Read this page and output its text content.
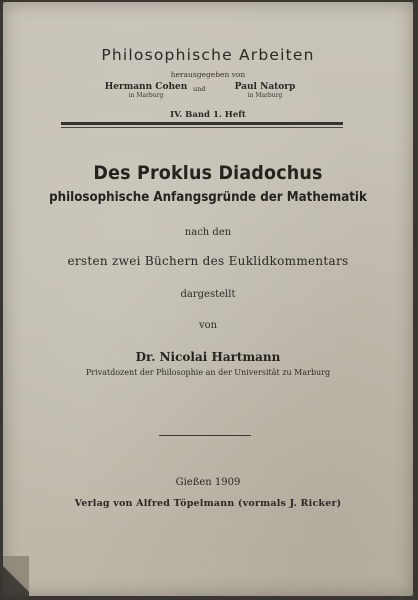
Philosophische Arbeiten
herausgegeben von
Hermann Cohen
in Marburg
und	Paul Natorp
in Marburg
IV. Band 1. Heft
Des Proklus Diadochus
philosophische Anfangsgründe der Mathematik
nach den
ersten zwei Büchern des Euklidkommentars
dargestellt
von
Dr. Nicolai Hartmann
Privatdozent der Philosophie an der Universität zu Marburg
Gießen 1909
Verlag von Alfred Töpelmann (vormals J. Ricker)
